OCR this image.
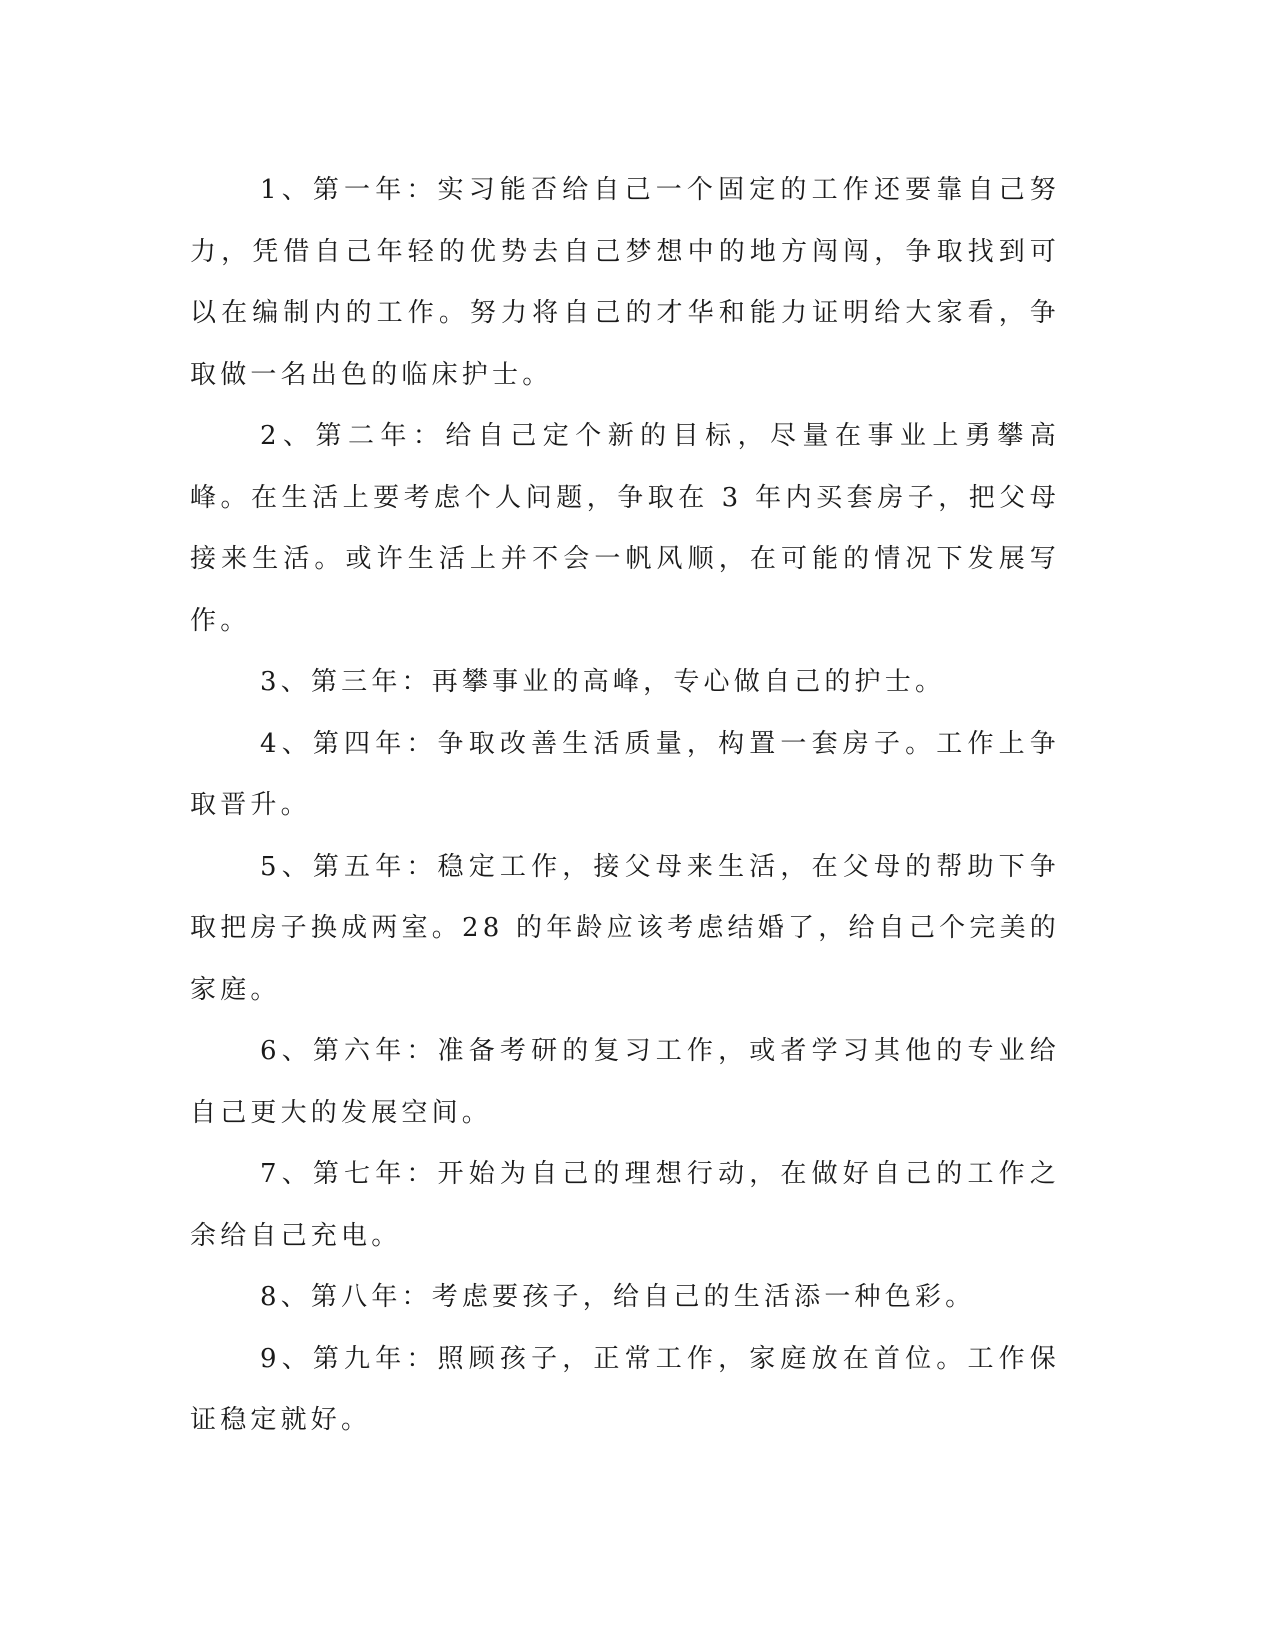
1、第一年：实习能否给自己一个固定的工作还要靠自己努力，凭借自己年轻的优势去自己梦想中的地方闯闯，争取找到可以在编制内的工作。努力将自己的才华和能力证明给大家看，争取做一名出色的临床护士。

2、第二年：给自己定个新的目标，尽量在事业上勇攀高峰。在生活上要考虑个人问题，争取在 3 年内买套房子，把父母接来生活。或许生活上并不会一帆风顺，在可能的情况下发展写作。

3、第三年：再攀事业的高峰，专心做自己的护士。

4、第四年：争取改善生活质量，构置一套房子。工作上争取晋升。

5、第五年：稳定工作，接父母来生活，在父母的帮助下争取把房子换成两室。28 的年龄应该考虑结婚了，给自己个完美的家庭。

6、第六年：准备考研的复习工作，或者学习其他的专业给自己更大的发展空间。

7、第七年：开始为自己的理想行动，在做好自己的工作之余给自己充电。

8、第八年：考虑要孩子，给自己的生活添一种色彩。

9、第九年：照顾孩子，正常工作，家庭放在首位。工作保证稳定就好。
